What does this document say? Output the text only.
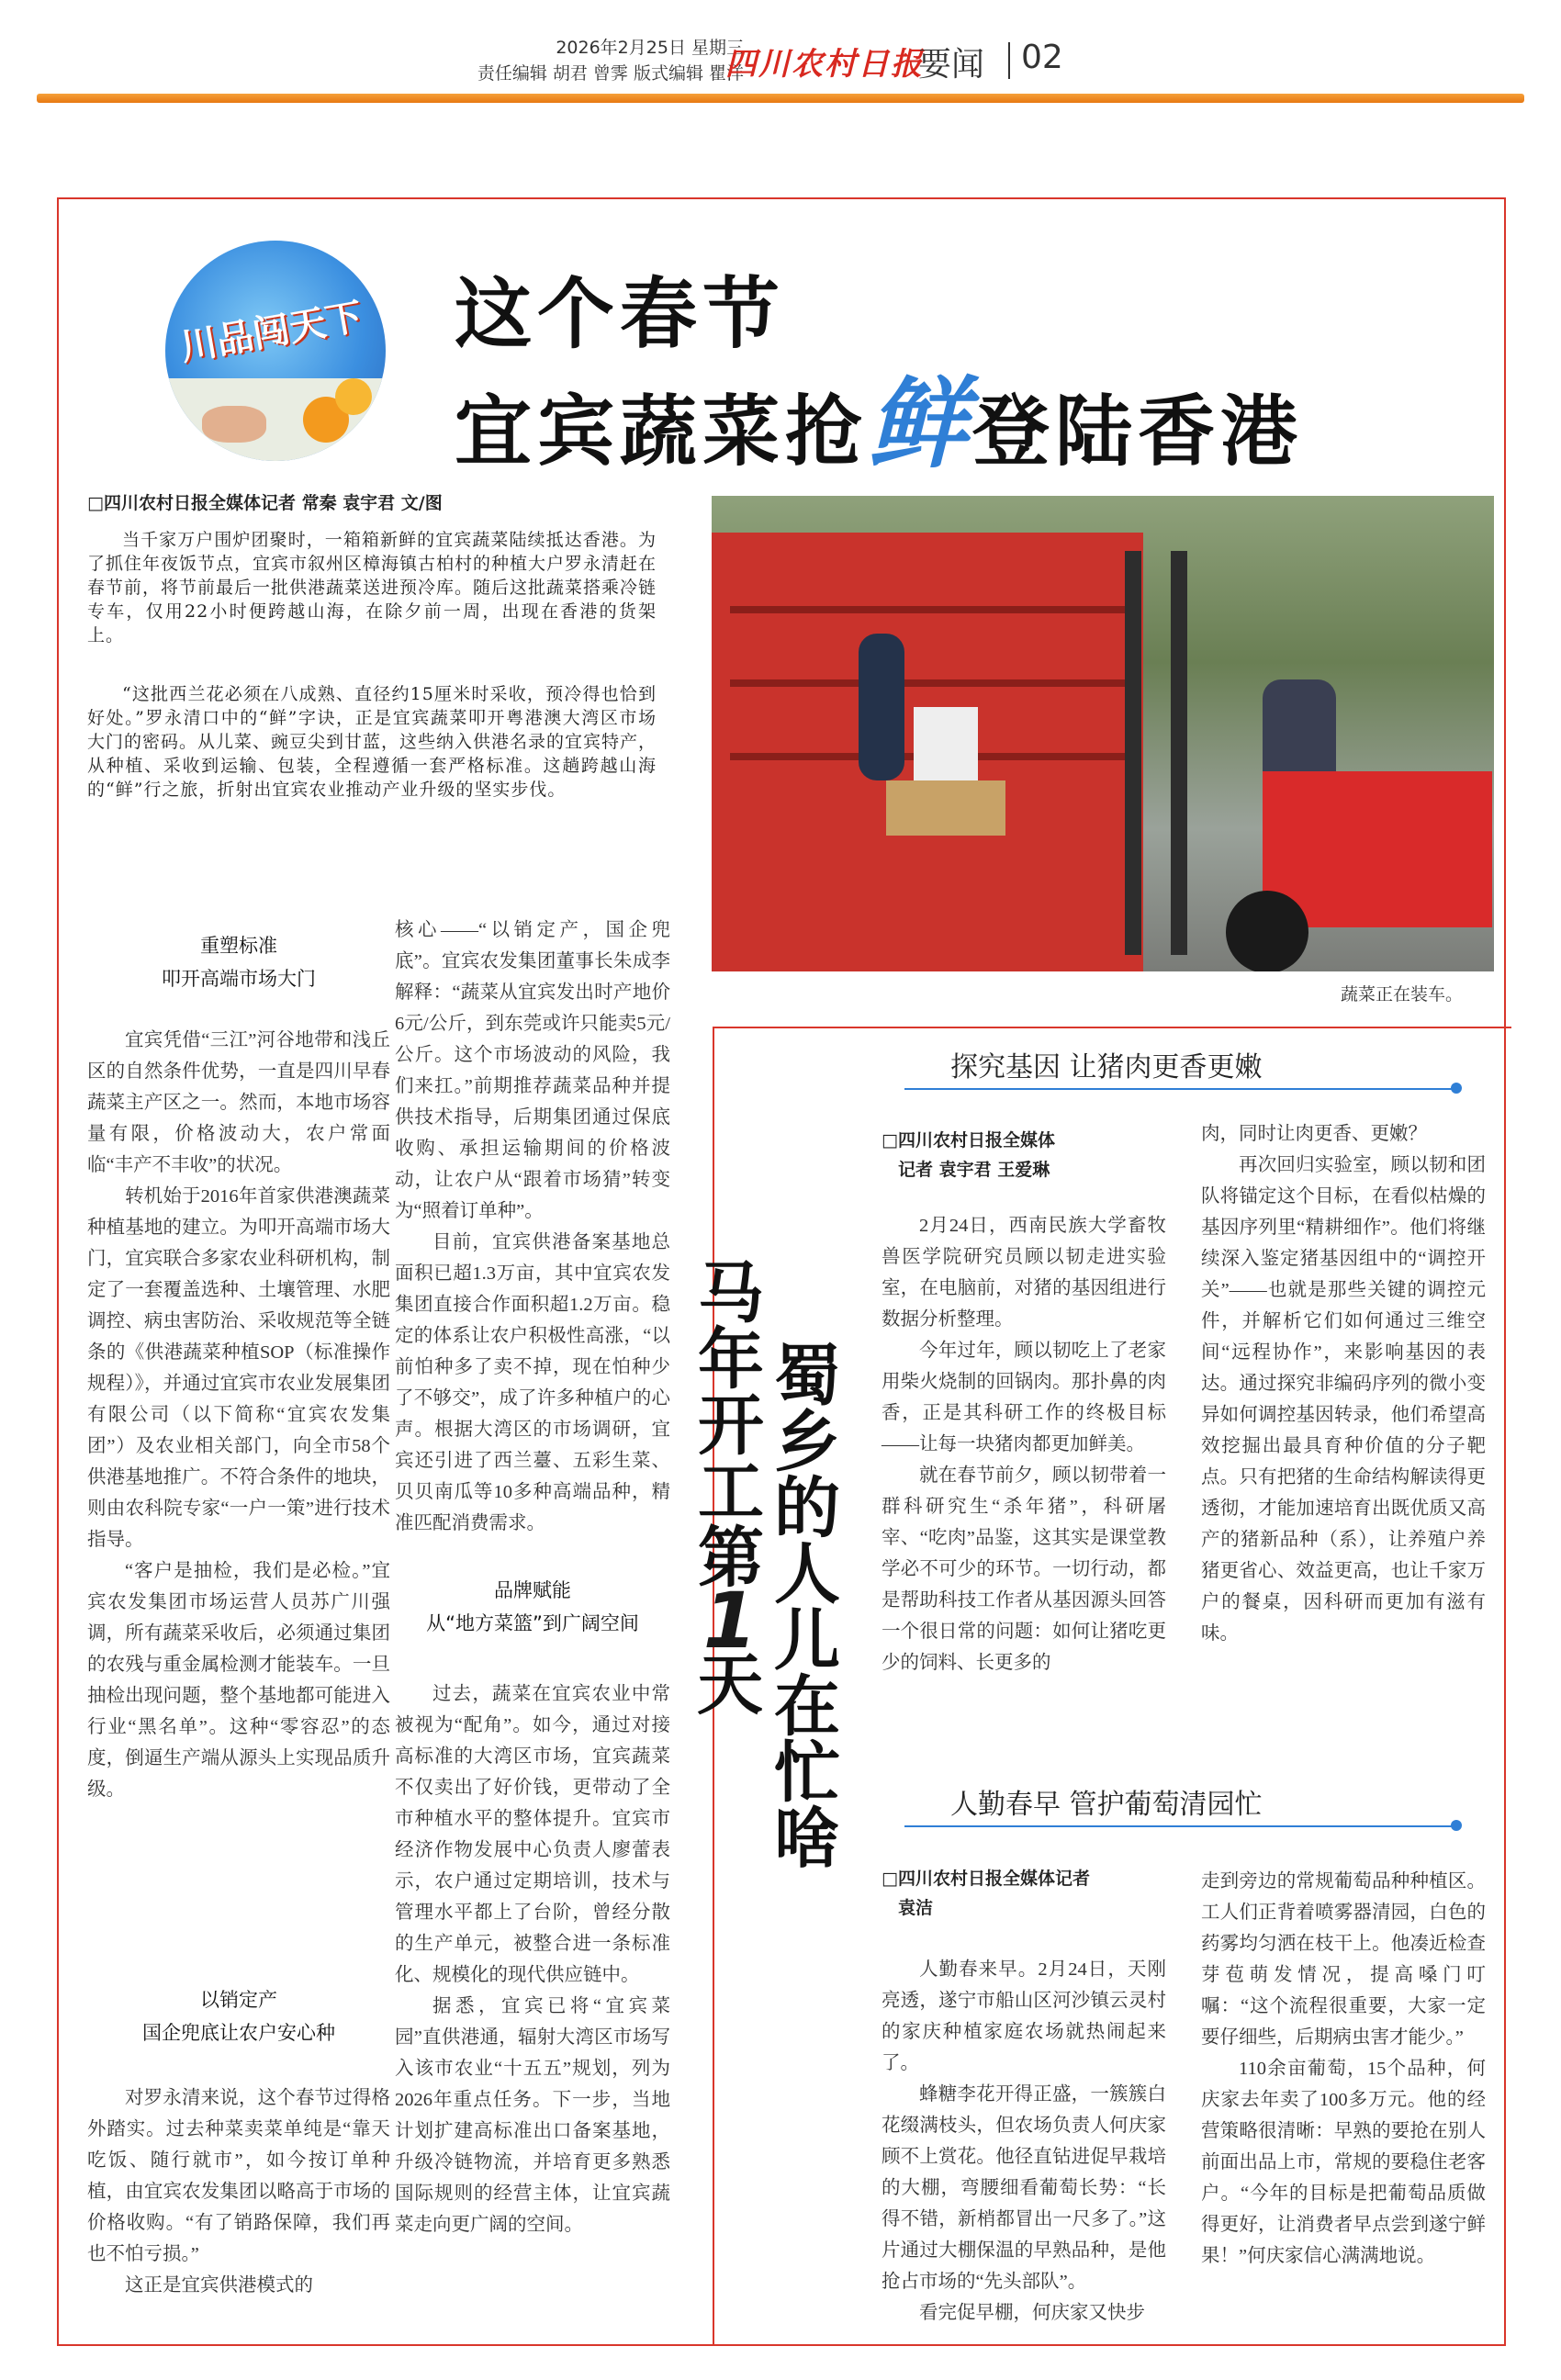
2026年2月25日 星期三
责任编辑 胡君 曾霁 版式编辑 瞿洋
四川农村日报
要闻 02
川品闯天下 这个春节
宜宾蔬菜抢鲜登陆香港
□四川农村日报全媒体记者 常秦 袁宇君 文/图
当千家万户围炉团聚时，一箱箱新鲜的宜宾蔬菜陆续抵达香港。为了抓住年夜饭节点，宜宾市叙州区樟海镇古柏村的种植大户罗永清赶在春节前，将节前最后一批供港蔬菜送进预冷库。随后这批蔬菜搭乘冷链专车，仅用22小时便跨越山海，在除夕前一周，出现在香港的货架上。
“这批西兰花必须在八成熟、直径约15厘米时采收，预冷得也恰到好处。”罗永清口中的“鲜”字诀，正是宜宾蔬菜叩开粤港澳大湾区市场大门的密码。从儿菜、豌豆尖到甘蓝，这些纳入供港名录的宜宾特产，从种植、采收到运输、包装，全程遵循一套严格标准。这趟跨越山海的“鲜”行之旅，折射出宜宾农业推动产业升级的坚实步伐。
蔬菜正在装车。
重塑标准
叩开高端市场大门

宜宾凭借“三江”河谷地带和浅丘区的自然条件优势，一直是四川早春蔬菜主产区之一。然而，本地市场容量有限，价格波动大，农户常面临“丰产不丰收”的状况。

转机始于2016年首家供港澳蔬菜种植基地的建立。为叩开高端市场大门，宜宾联合多家农业科研机构，制定了一套覆盖选种、土壤管理、水肥调控、病虫害防治、采收规范等全链条的《供港蔬菜种植SOP（标准操作规程）》，并通过宜宾市农业发展集团有限公司（以下简称“宜宾农发集团”）及农业相关部门，向全市58个供港基地推广。不符合条件的地块，则由农科院专家“一户一策”进行技术指导。

“客户是抽检，我们是必检。”宜宾农发集团市场运营人员苏广川强调，所有蔬菜采收后，必须通过集团的农残与重金属检测才能装车。一旦抽检出现问题，整个基地都可能进入行业“黑名单”。这种“零容忍”的态度，倒逼生产端从源头上实现品质升级。

以销定产
国企兜底让农户安心种

对罗永清来说，这个春节过得格外踏实。过去种菜卖菜单纯是“靠天吃饭、随行就市”，如今按订单种植，由宜宾农发集团以略高于市场的价格收购。“有了销路保障，我们再也不怕亏损。”

这正是宜宾供港模式的

核心——“以销定产，国企兜底”。宜宾农发集团董事长朱成李解释：“蔬菜从宜宾发出时产地价6元/公斤，到东莞或许只能卖5元/公斤。这个市场波动的风险，我们来扛。”前期推荐蔬菜品种并提供技术指导，后期集团通过保底收购、承担运输期间的价格波动，让农户从“跟着市场猜”转变为“照着订单种”。

目前，宜宾供港备案基地总面积已超1.3万亩，其中宜宾农发集团直接合作面积超1.2万亩。稳定的体系让农户积极性高涨，“以前怕种多了卖不掉，现在怕种少了不够交”，成了许多种植户的心声。根据大湾区的市场调研，宜宾还引进了西兰薹、五彩生菜、贝贝南瓜等10多种高端品种，精准匹配消费需求。

品牌赋能
从“地方菜篮”到广阔空间

过去，蔬菜在宜宾农业中常被视为“配角”。如今，通过对接高标准的大湾区市场，宜宾蔬菜不仅卖出了好价钱，更带动了全市种植水平的整体提升。宜宾市经济作物发展中心负责人廖蕾表示，农户通过定期培训，技术与管理水平都上了台阶，曾经分散的生产单元，被整合进一条标准化、规模化的现代供应链中。

据悉，宜宾已将“宜宾菜园”直供港通，辐射大湾区市场写入该市农业“十五五”规划，列为2026年重点任务。下一步，当地计划扩建高标准出口备案基地，升级冷链物流，并培育更多熟悉国际规则的经营主体，让宜宾蔬菜走向更广阔的空间。

马年开工第
1
天 蜀乡的人儿在忙啥
探究基因 让猪肉更香更嫩
□四川农村日报全媒体
记者 袁宇君 王爱琳

2月24日，西南民族大学畜牧兽医学院研究员顾以韧走进实验室，在电脑前，对猪的基因组进行数据分析整理。

今年过年，顾以韧吃上了老家用柴火烧制的回锅肉。那扑鼻的肉香，正是其科研工作的终极目标——让每一块猪肉都更加鲜美。

就在春节前夕，顾以韧带着一群科研究生“杀年猪”，科研屠宰、“吃肉”品鉴，这其实是课堂教学必不可少的环节。一切行动，都是帮助科技工作者从基因源头回答一个很日常的问题：如何让猪吃更少的饲料、长更多的

肉，同时让肉更香、更嫩？

再次回归实验室，顾以韧和团队将锚定这个目标，在看似枯燥的基因序列里“精耕细作”。他们将继续深入鉴定猪基因组中的“调控开关”——也就是那些关键的调控元件，并解析它们如何通过三维空间“远程协作”，来影响基因的表达。通过探究非编码序列的微小变异如何调控基因转录，他们希望高效挖掘出最具育种价值的分子靶点。只有把猪的生命结构解读得更透彻，才能加速培育出既优质又高产的猪新品种（系），让养殖户养猪更省心、效益更高，也让千家万户的餐桌，因科研而更加有滋有味。

人勤春早 管护葡萄清园忙
□四川农村日报全媒体记者
袁洁

人勤春来早。2月24日，天刚亮透，遂宁市船山区河沙镇云灵村的家庆种植家庭农场就热闹起来了。

蜂糖李花开得正盛，一簇簇白花缀满枝头，但农场负责人何庆家顾不上赏花。他径直钻进促早栽培的大棚，弯腰细看葡萄长势：“长得不错，新梢都冒出一尺多了。”这片通过大棚保温的早熟品种，是他抢占市场的“先头部队”。

看完促早棚，何庆家又快步

走到旁边的常规葡萄品种种植区。工人们正背着喷雾器清园，白色的药雾均匀洒在枝干上。他凑近检查芽苞萌发情况，提高嗓门叮嘱：“这个流程很重要，大家一定要仔细些，后期病虫害才能少。”

110余亩葡萄，15个品种，何庆家去年卖了100多万元。他的经营策略很清晰：早熟的要抢在别人前面出品上市，常规的要稳住老客户。“今年的目标是把葡萄品质做得更好，让消费者早点尝到遂宁鲜果！”何庆家信心满满地说。
